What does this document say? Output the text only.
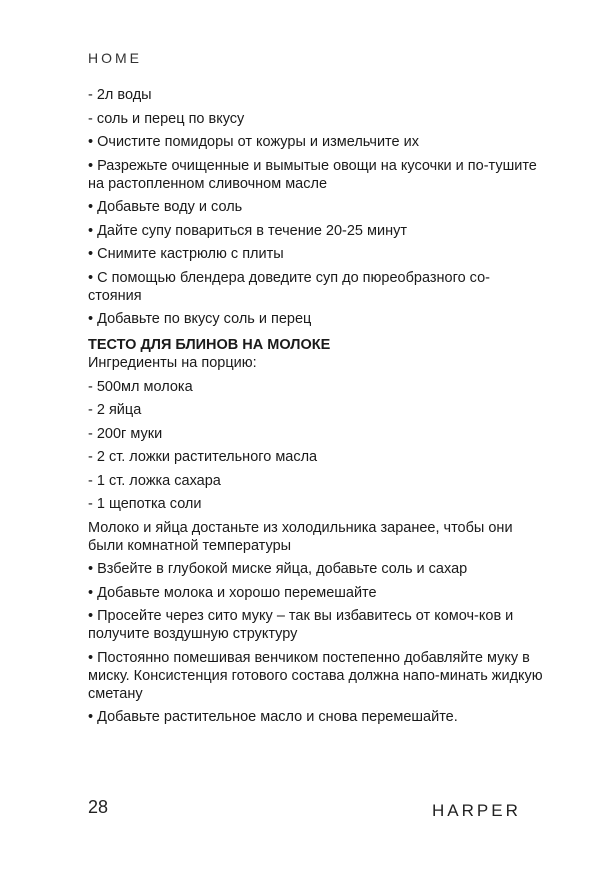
HOME

- 2л воды

- соль и перец по вкусу

• Очистите помидоры от кожуры и измельчите их

• Разрежьте очищенные и вымытые овощи на кусочки и по-тушите на растопленном сливочном масле

• Добавьте воду и соль

• Дайте супу повариться в течение 20-25 минут

• Снимите кастрюлю с плиты

• С помощью блендера доведите суп до пюреобразного со-стояния

• Добавьте по вкусу соль и перец

ТЕСТО ДЛЯ БЛИНОВ НА МОЛОКЕ

Ингредиенты на порцию:

- 500мл молока

- 2 яйца

- 200г муки

- 2 ст. ложки растительного масла

- 1 ст. ложка сахара

- 1 щепотка соли

Молоко и яйца достаньте из холодильника заранее, чтобы они были комнатной температуры

• Взбейте в глубокой миске яйца, добавьте соль и сахар

• Добавьте молока и хорошо перемешайте

• Просейте через сито муку – так вы избавитесь от комоч-ков и получите воздушную структуру

• Постоянно помешивая венчиком постепенно добавляйте муку в миску. Консистенция готового состава должна напо-минать жидкую сметану

• Добавьте растительное масло и снова перемешайте.

28	HARPER
